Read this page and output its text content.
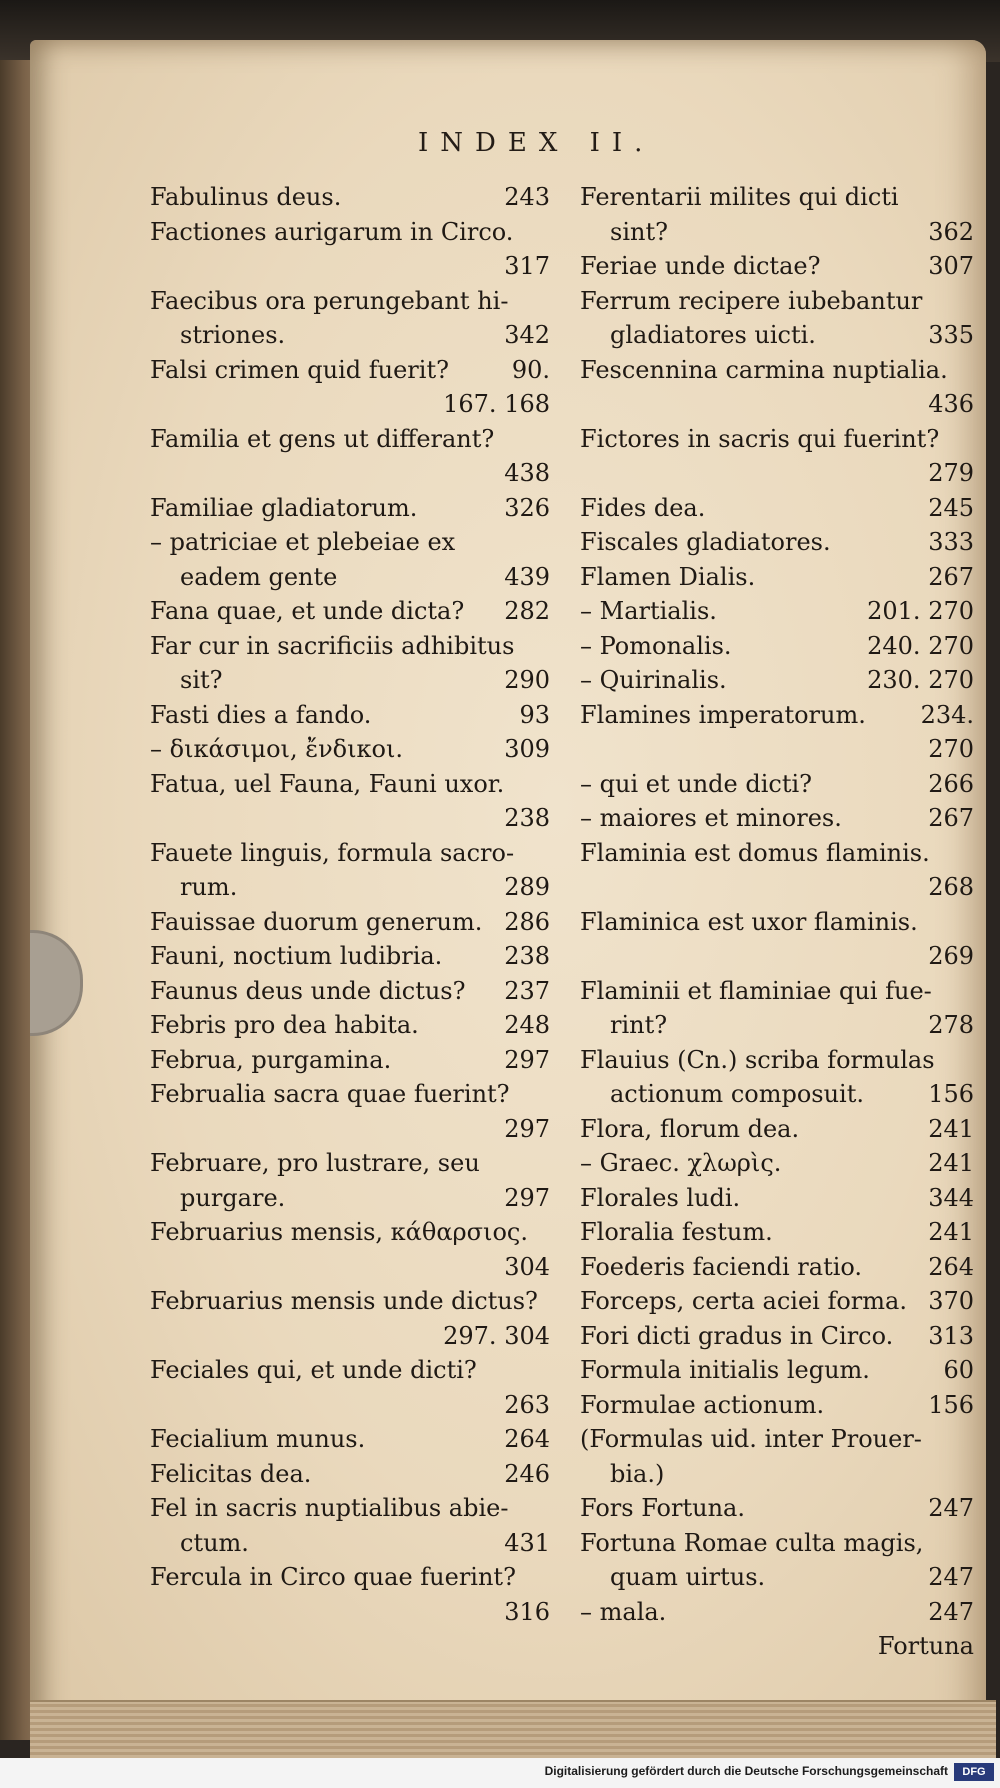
INDEX II.
Fabulinus deus.	243
Factiones aurigarum in Circo.
317
Faecibus ora perungebant hi-
striones.	342
Falsi crimen quid fuerit?	90.
167. 168
Familia et gens ut differant?
438
Familiae gladiatorum.	326
– patriciae et plebeiae ex
eadem gente	439
Fana quae, et unde dicta? 282
Far cur in sacrificiis adhibitus
sit?	290
Fasti dies a fando.	93
– δικάσιμοι, ἔνδικοι.	309
Fatua, uel Fauna, Fauni uxor.
238
Fauete linguis, formula sacro-
rum.	289
Fauissae duorum generum. 286
Fauni, noctium ludibria.	238
Faunus deus unde dictus? 237
Febris pro dea habita.	248
Februa, purgamina.	297
Februalia sacra quae fuerint?
297
Februare, pro lustrare, seu
purgare.	297
Februarius mensis, κάθαρσιος.
304
Februarius mensis unde dictus?
297. 304
Feciales qui, et unde dicti?
263
Fecialium munus.	264
Felicitas dea.	246
Fel in sacris nuptialibus abie-
ctum.	431
Fercula in Circo quae fuerint?
316
Ferentarii milites qui dicti
sint?	362
Feriae unde dictae?	307
Ferrum recipere iubebantur
gladiatores uicti.	335
Fescennina carmina nuptialia.
436
Fictores in sacris qui fuerint?
279
Fides dea.	245
Fiscales gladiatores.	333
Flamen Dialis.	267
– Martialis.	201. 270
– Pomonalis.	240. 270
– Quirinalis.	230. 270
Flamines imperatorum. 234.
270
– qui et unde dicti?	266
– maiores et minores.	267
Flaminia est domus flaminis.
268
Flaminica est uxor flaminis.
269
Flaminii et flaminiae qui fue-
rint?	278
Flauius (Cn.) scriba formulas
actionum composuit.	156
Flora, florum dea.	241
– Graec. χλωρὶς.	241
Florales ludi.	344
Floralia festum.	241
Foederis faciendi ratio.	264
Forceps, certa aciei forma. 370
Fori dicti gradus in Circo. 313
Formula initialis legum.	60
Formulae actionum.	156
(Formulas uid. inter Prouer-
bia.)
Fors Fortuna.	247
Fortuna Romae culta magis,
quam uirtus.	247
– mala.	247
Fortuna
Digitalisierung gefördert durch die Deutsche Forschungsgemeinschaft	DFG
